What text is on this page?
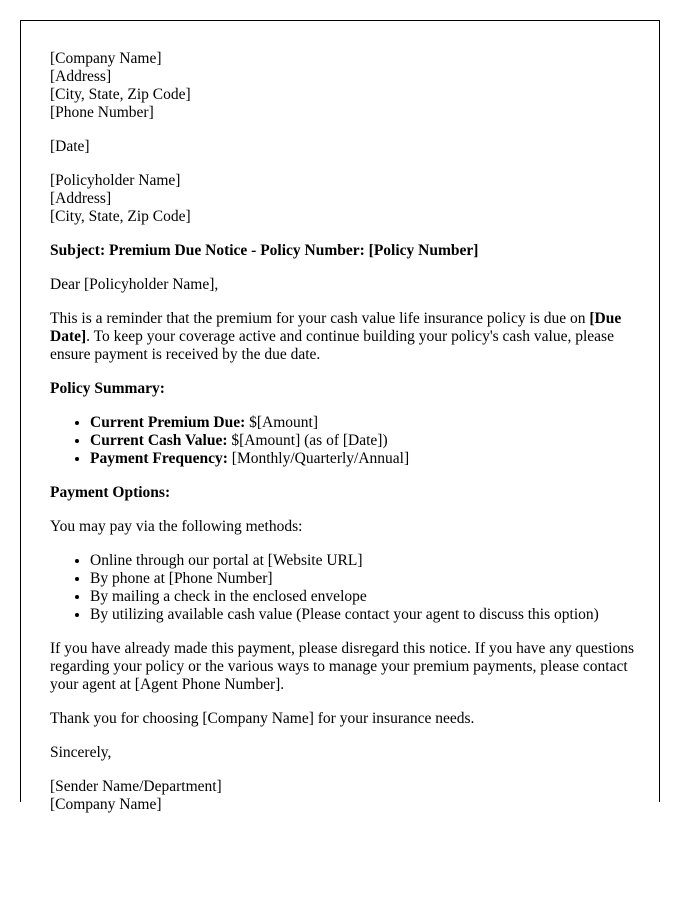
[Company Name]
[Address]
[City, State, Zip Code]
[Phone Number]

[Date]

[Policyholder Name]
[Address]
[City, State, Zip Code]

Subject: Premium Due Notice - Policy Number: [Policy Number]

Dear [Policyholder Name],

This is a reminder that the premium for your cash value life insurance policy is due on [Due Date]. To keep your coverage active and continue building your policy's cash value, please ensure payment is received by the due date.

Policy Summary:

• Current Premium Due: $[Amount]
• Current Cash Value: $[Amount] (as of [Date])
• Payment Frequency: [Monthly/Quarterly/Annual]

Payment Options:

You may pay via the following methods:

• Online through our portal at [Website URL]
• By phone at [Phone Number]
• By mailing a check in the enclosed envelope
• By utilizing available cash value (Please contact your agent to discuss this option)

If you have already made this payment, please disregard this notice. If you have any questions regarding your policy or the various ways to manage your premium payments, please contact your agent at [Agent Phone Number].

Thank you for choosing [Company Name] for your insurance needs.

Sincerely,

[Sender Name/Department]
[Company Name]
